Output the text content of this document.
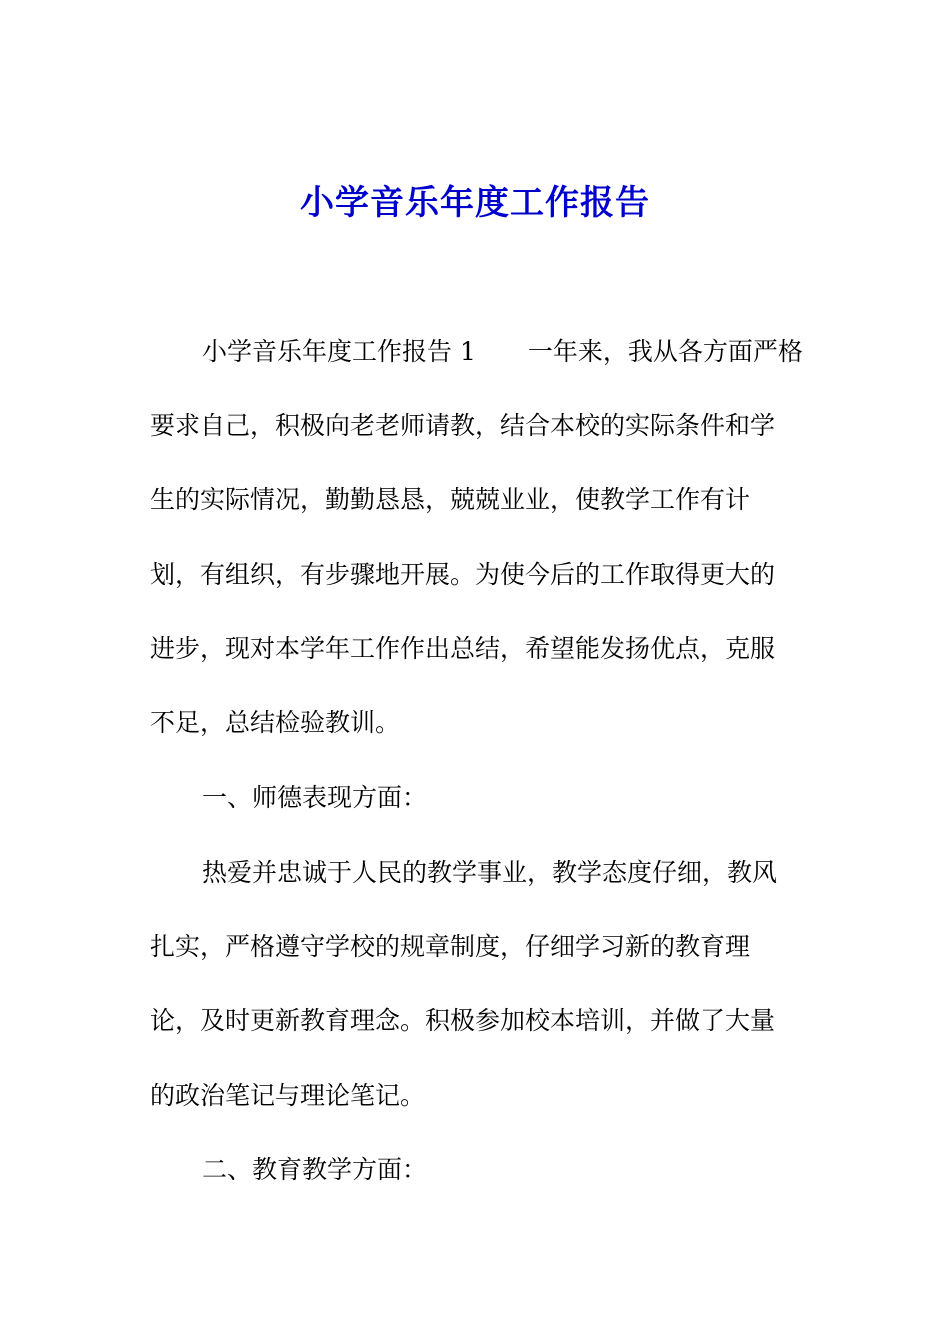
小学音乐年度工作报告

小学音乐年度工作报告 1 一年来，我从各方面严格

要求自己，积极向老老师请教，结合本校的实际条件和学

生的实际情况，勤勤恳恳，兢兢业业，使教学工作有计

划，有组织，有步骤地开展。为使今后的工作取得更大的

进步，现对本学年工作作出总结，希望能发扬优点，克服

不足，总结检验教训。

一、师德表现方面：

热爱并忠诚于人民的教学事业，教学态度仔细，教风

扎实，严格遵守学校的规章制度，仔细学习新的教育理

论，及时更新教育理念。积极参加校本培训，并做了大量

的政治笔记与理论笔记。

二、教育教学方面：
